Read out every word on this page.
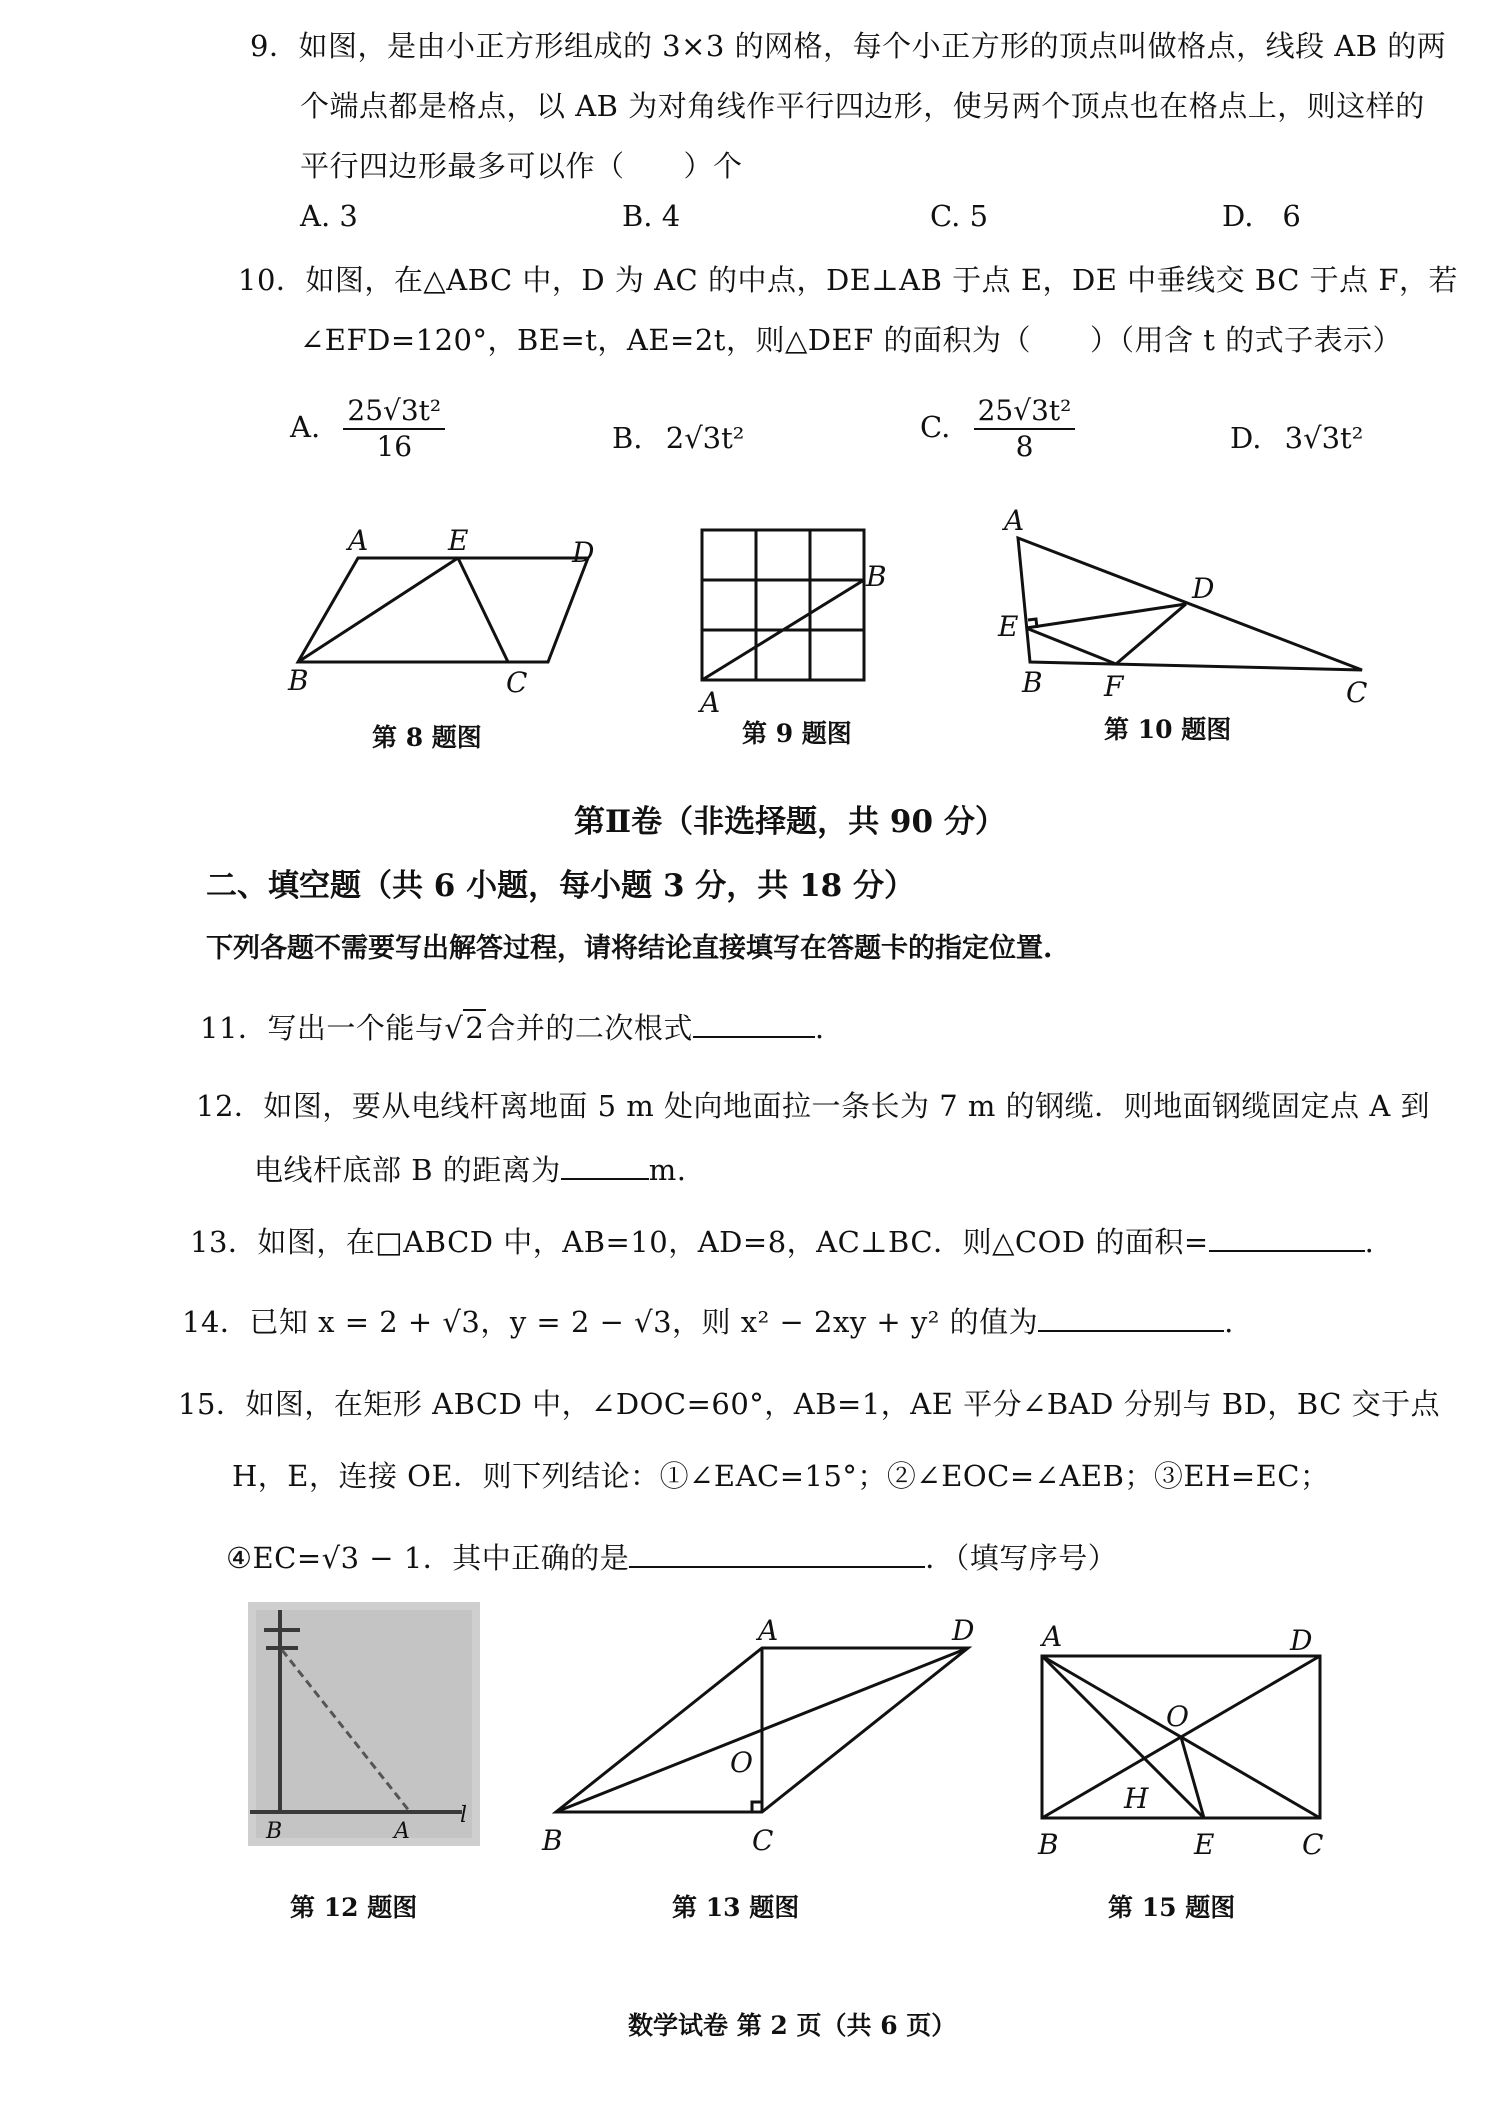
9．如图，是由小正方形组成的 3×3 的网格，每个小正方形的顶点叫做格点，线段 AB 的两
个端点都是格点，以 AB 为对角线作平行四边形，使另两个顶点也在格点上，则这样的
平行四边形最多可以作（　　）个
A. 3	B. 4	C. 5	D.　6
10．如图，在△ABC 中，D 为 AC 的中点，DE⊥AB 于点 E，DE 中垂线交 BC 于点 F，若
∠EFD=120°，BE=t，AE=2t，则△DEF 的面积为（　　）（用含 t 的式子表示）
A. $\frac{\text{25√3t²}}{16}$	B. 2√3t²	C. $\frac{\text{25√3t²}}{8}$	D. 3√3t²
A	E	D
B	C
B
A
A
D
E
B F	C
B	A
l
A	D
O
B	C
A	D
O
H
B	E	C
第 8 题图	第 9 题图	第 10 题图
第Ⅱ卷（非选择题，共 90 分）
二、填空题（共 6 小题，每小题 3 分，共 18 分）
下列各题不需要写出解答过程，请将结论直接填写在答题卡的指定位置.
11．写出一个能与√2合并的二次根式	.
12．如图，要从电线杆离地面 5 m 处向地面拉一条长为 7 m 的钢缆．则地面钢缆固定点 A 到
电线杆底部 B 的距离为	m.
13．如图，在□ABCD 中，AB=10，AD=8，AC⊥BC．则△COD 的面积=	.
14．已知 x = 2 + √3，y = 2 − √3，则 x² − 2xy + y² 的值为	.
15．如图，在矩形 ABCD 中，∠DOC=60°，AB=1，AE 平分∠BAD 分别与 BD，BC 交于点
H，E，连接 OE．则下列结论：①∠EAC=15°；②∠EOC=∠AEB；③EH=EC；
④EC=√3 − 1．其中正确的是	．（填写序号）
第 12 题图	第 13 题图	第 15 题图
数学试卷 第 2 页（共 6 页）
